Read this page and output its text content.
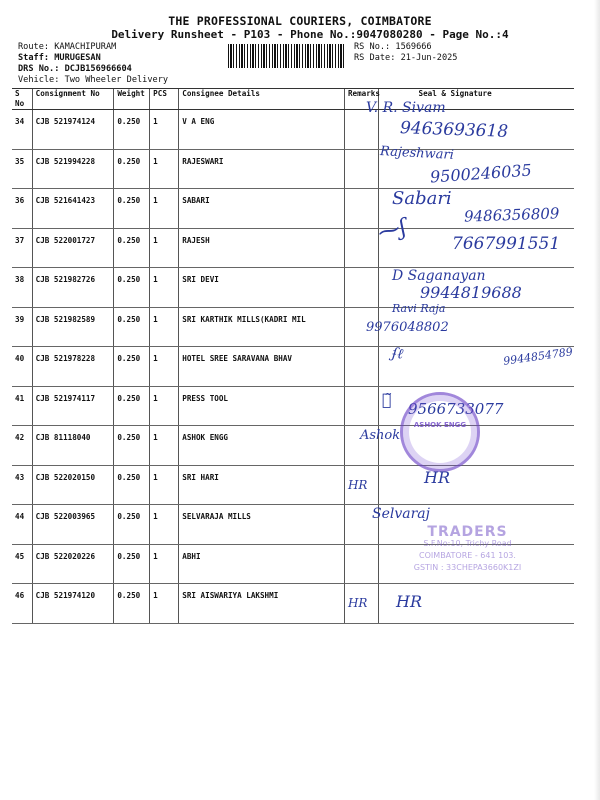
THE PROFESSIONAL COURIERS, COIMBATORE
Delivery Runsheet - P103 - Phone No.:9047080280 - Page No.:4
Route: KAMACHIPURAM
Staff: MURUGESAN
DRS No.: DCJB156966604
Vehicle: Two Wheeler Delivery
RS No.: 1569666
RS Date: 21-Jun-2025
S No	Consignment No	Weight	PCS	Consignee Details	Remarks	Seal & Signature
34	CJB 521974124	0.250	1	V A ENG		
35	CJB 521994228	0.250	1	RAJESWARI		
36	CJB 521641423	0.250	1	SABARI		
37	CJB 522001727	0.250	1	RAJESH		
38	CJB 521982726	0.250	1	SRI DEVI		
39	CJB 521982589	0.250	1	SRI KARTHIK MILLS(KADRI MIL		
40	CJB 521978228	0.250	1	HOTEL SREE SARAVANA BHAV		
41	CJB 521974117	0.250	1	PRESS TOOL		
42	CJB 81118040	0.250	1	ASHOK ENGG		
43	CJB 522020150	0.250	1	SRI HARI	HR	
44	CJB 522003965	0.250	1	SELVARAJA MILLS		
45	CJB 522020226	0.250	1	ABHI		
46	CJB 521974120	0.250	1	SRI AISWARIYA LAKSHMI	HR	
V. R. Sivam
9463693618
Rajeshwari
9500246035
Sabari
9486356809
⁓ʃ	7667991551
D Saganayan
9944819688
Ravi Raja
9976048802
ʄℓ	9944854789
ℊ̃ 9566733077
Ashok
ASHOK ENGG
HR
Selvaraj
TRADERS
S.F.No:10, Trichy Road
COIMBATORE - 641 103.
GSTIN : 33CHEPA3660K1ZI
HR
